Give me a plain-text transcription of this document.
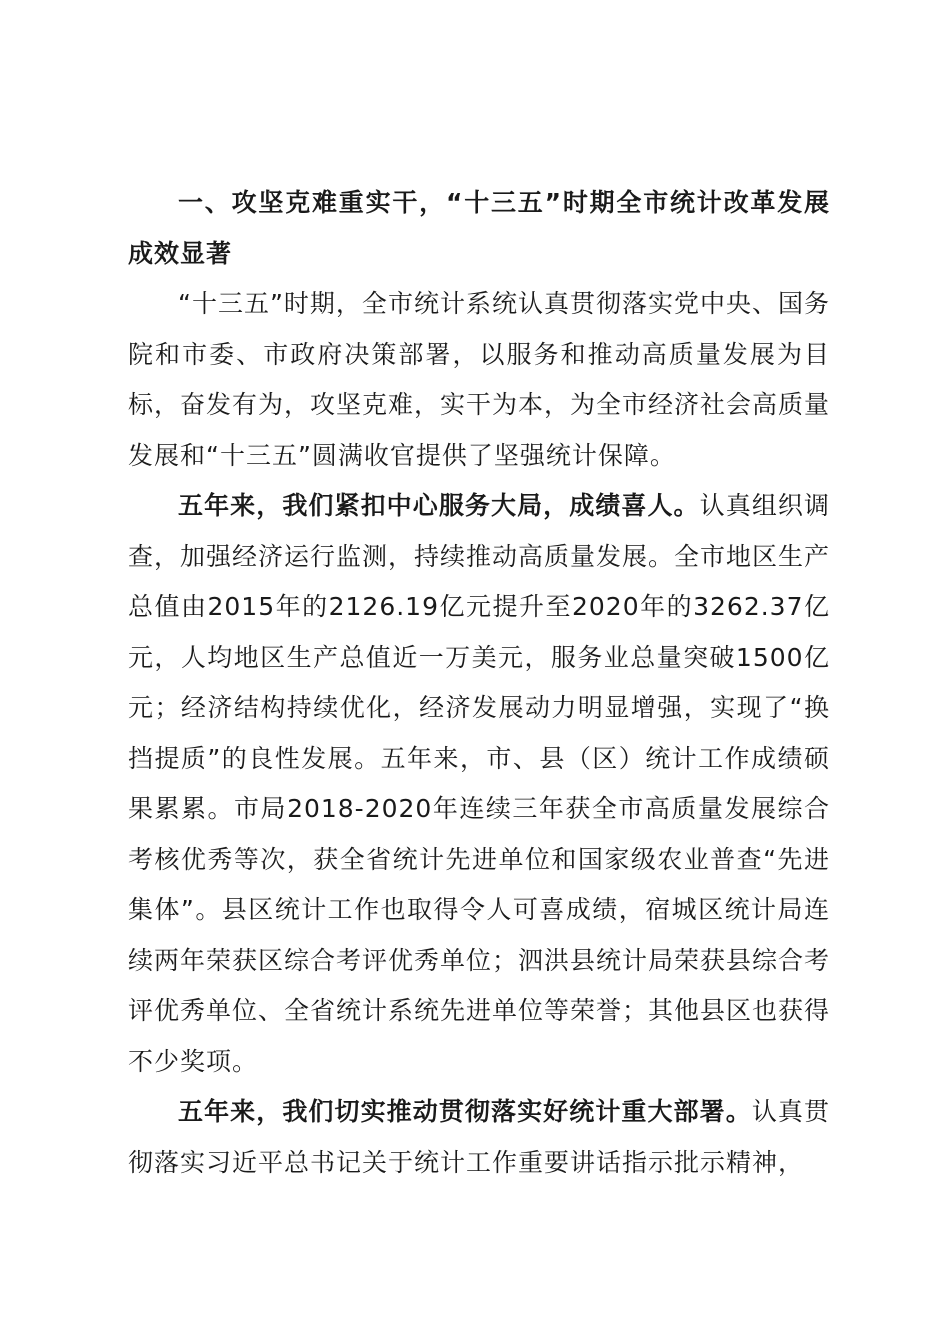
一、攻坚克难重实干，“十三五”时期全市统计改革发展成效显著

“十三五”时期，全市统计系统认真贯彻落实党中央、国务院和市委、市政府决策部署，以服务和推动高质量发展为目标，奋发有为，攻坚克难，实干为本，为全市经济社会高质量发展和“十三五”圆满收官提供了坚强统计保障。

五年来，我们紧扣中心服务大局，成绩喜人。认真组织调查，加强经济运行监测，持续推动高质量发展。全市地区生产总值由2015年的2126.19亿元提升至2020年的3262.37亿元，人均地区生产总值近一万美元，服务业总量突破1500亿元；经济结构持续优化，经济发展动力明显增强，实现了“换挡提质”的良性发展。五年来，市、县（区）统计工作成绩硕果累累。市局2018-2020年连续三年获全市高质量发展综合考核优秀等次，获全省统计先进单位和国家级农业普查“先进集体”。县区统计工作也取得令人可喜成绩，宿城区统计局连续两年荣获区综合考评优秀单位；泗洪县统计局荣获县综合考评优秀单位、全省统计系统先进单位等荣誉；其他县区也获得不少奖项。

五年来，我们切实推动贯彻落实好统计重大部署。认真贯彻落实习近平总书记关于统计工作重要讲话指示批示精神，
